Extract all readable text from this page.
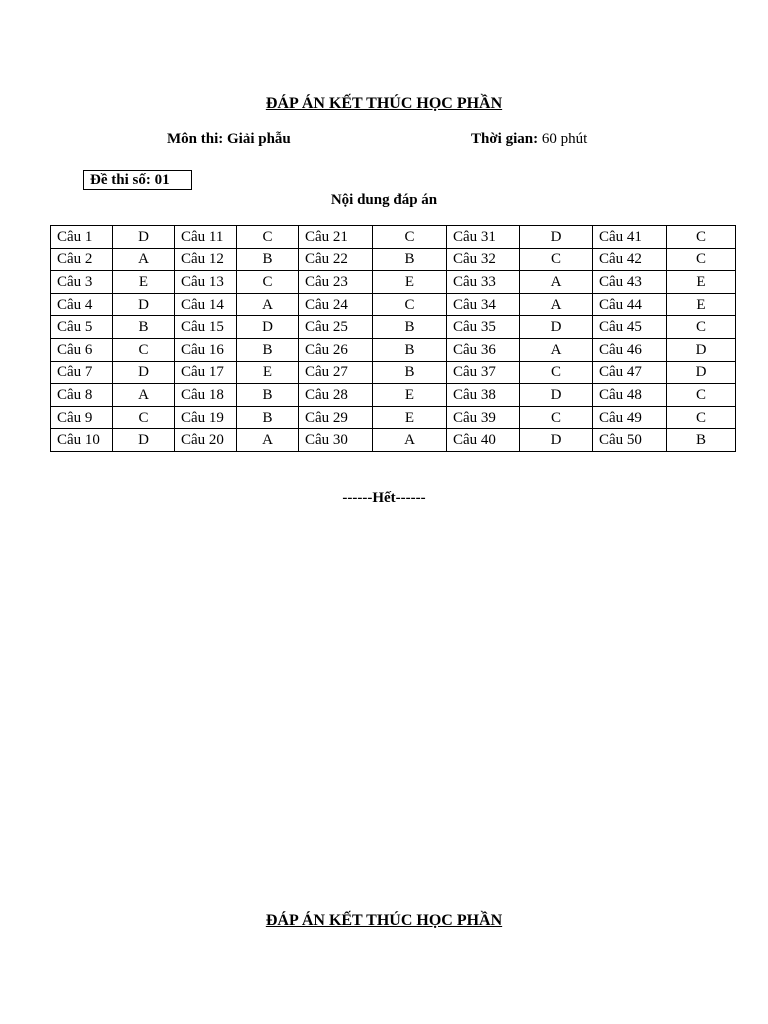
ĐÁP ÁN KẾT THÚC HỌC PHẦN
Môn thi: Giải phẫu	Thời gian: 60 phút
Đề thi số: 01
Nội dung đáp án
Câu 1	D	Câu 11	C	Câu 21	C	Câu 31	D	Câu 41	C
Câu 2	A	Câu 12	B	Câu 22	B	Câu 32	C	Câu 42	C
Câu 3	E	Câu 13	C	Câu 23	E	Câu 33	A	Câu 43	E
Câu 4	D	Câu 14	A	Câu 24	C	Câu 34	A	Câu 44	E
Câu 5	B	Câu 15	D	Câu 25	B	Câu 35	D	Câu 45	C
Câu 6	C	Câu 16	B	Câu 26	B	Câu 36	A	Câu 46	D
Câu 7	D	Câu 17	E	Câu 27	B	Câu 37	C	Câu 47	D
Câu 8	A	Câu 18	B	Câu 28	E	Câu 38	D	Câu 48	C
Câu 9	C	Câu 19	B	Câu 29	E	Câu 39	C	Câu 49	C
Câu 10	D	Câu 20	A	Câu 30	A	Câu 40	D	Câu 50	B
------Hết------
ĐÁP ÁN KẾT THÚC HỌC PHẦN
